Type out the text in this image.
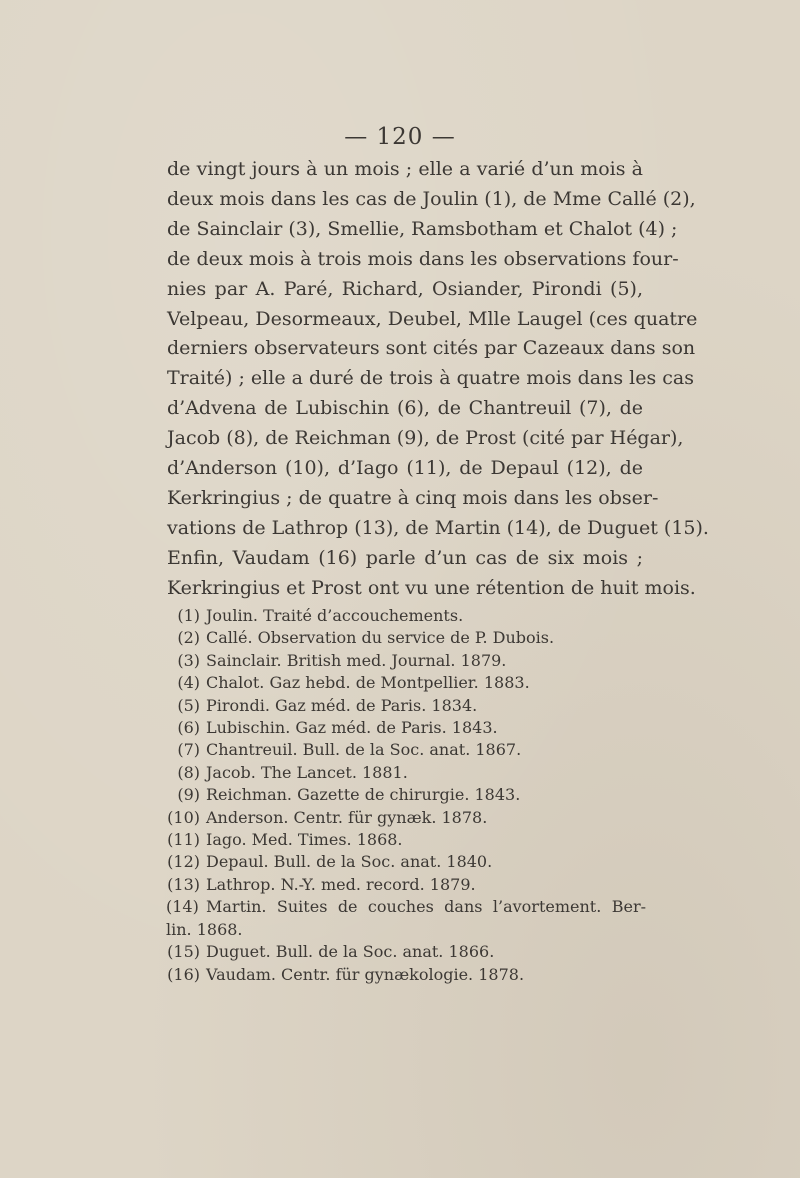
— 120 —
de vingt jours à un mois ; elle a varié d’un mois à
deux mois dans les cas de Joulin (1), de Mme Callé (2),
de Sainclair (3), Smellie, Ramsbotham et Chalot (4) ;
de deux mois à trois mois dans les observations four-
nies par A. Paré, Richard, Osiander, Pirondi (5),
Velpeau, Desormeaux, Deubel, Mlle Laugel (ces quatre
derniers observateurs sont cités par Cazeaux dans son
Traité) ; elle a duré de trois à quatre mois dans les cas
d’Advena de Lubischin (6), de Chantreuil (7), de
Jacob (8), de Reichman (9), de Prost (cité par Hégar),
d’Anderson (10), d’Iago (11), de Depaul (12), de
Kerkringius ; de quatre à cinq mois dans les obser-
vations de Lathrop (13), de Martin (14), de Duguet (15).
Enfin, Vaudam (16) parle d’un cas de six mois ;
Kerkringius et Prost ont vu une rétention de huit mois.
(1) Joulin. Traité d’accouchements.
(2) Callé. Observation du service de P. Dubois.
(3) Sainclair. British med. Journal. 1879.
(4) Chalot. Gaz hebd. de Montpellier. 1883.
(5) Pirondi. Gaz méd. de Paris. 1834.
(6) Lubischin. Gaz méd. de Paris. 1843.
(7) Chantreuil. Bull. de la Soc. anat. 1867.
(8) Jacob. The Lancet. 1881.
(9) Reichman. Gazette de chirurgie. 1843.
(10) Anderson. Centr. für gynæk. 1878.
(11) Iago. Med. Times. 1868.
(12) Depaul. Bull. de la Soc. anat. 1840.
(13) Lathrop. N.-Y. med. record. 1879.
(14) Martin. Suites de couches dans l’avortement. Ber-
lin. 1868.
(15) Duguet. Bull. de la Soc. anat. 1866.
(16) Vaudam. Centr. für gynækologie. 1878.
